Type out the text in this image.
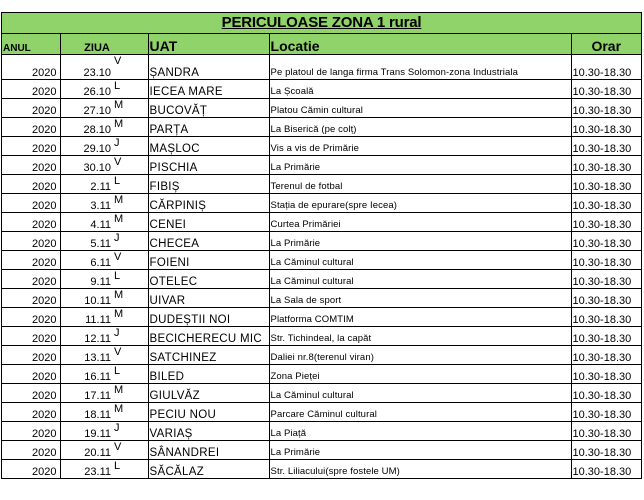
PERICULOASE ZONA 1 rural
ANUL	ZIUA		UAT	Locatie	Orar
2020	23.10	V	ȘANDRA	Pe platoul de langa firma Trans Solomon-zona Industriala	10.30-18.30
2020	26.10	L	IECEA MARE	La Școală	10.30-18.30
2020	27.10	M	BUCOVĂȚ	Platou Cămin cultural	10.30-18.30
2020	28.10	M	PARȚA	La Biserică (pe colț)	10.30-18.30
2020	29.10	J	MAȘLOC	Vis a vis de Primărie	10.30-18.30
2020	30.10	V	PISCHIA	La Primărie	10.30-18.30
2020	2.11	L	FIBIȘ	Terenul de fotbal	10.30-18.30
2020	3.11	M	CĂRPINIȘ	Stația de epurare(spre Iecea)	10.30-18.30
2020	4.11	M	CENEI	Curtea Primăriei	10.30-18.30
2020	5.11	J	CHECEA	La Primărie	10.30-18.30
2020	6.11	V	FOIENI	La Căminul cultural	10.30-18.30
2020	9.11	L	OTELEC	La Căminul cultural	10.30-18.30
2020	10.11	M	UIVAR	La Sala de sport	10.30-18.30
2020	11.11	M	DUDEȘTII NOI	Platforma COMTIM	10.30-18.30
2020	12.11	J	BECICHERECU MIC	Str. Tichindeal, la capăt	10.30-18.30
2020	13.11	V	SATCHINEZ	Daliei nr.8(terenul viran)	10.30-18.30
2020	16.11	L	BILED	Zona Pieței	10.30-18.30
2020	17.11	M	GIULVĂZ	La Căminul cultural	10.30-18.30
2020	18.11	M	PECIU NOU	Parcare Căminul cultural	10.30-18.30
2020	19.11	J	VARIAȘ	La Piață	10.30-18.30
2020	20.11	V	SÂNANDREI	La Primărie	10.30-18.30
2020	23.11	L	SĂCĂLAZ	Str. Liliacului(spre fostele UM)	10.30-18.30
